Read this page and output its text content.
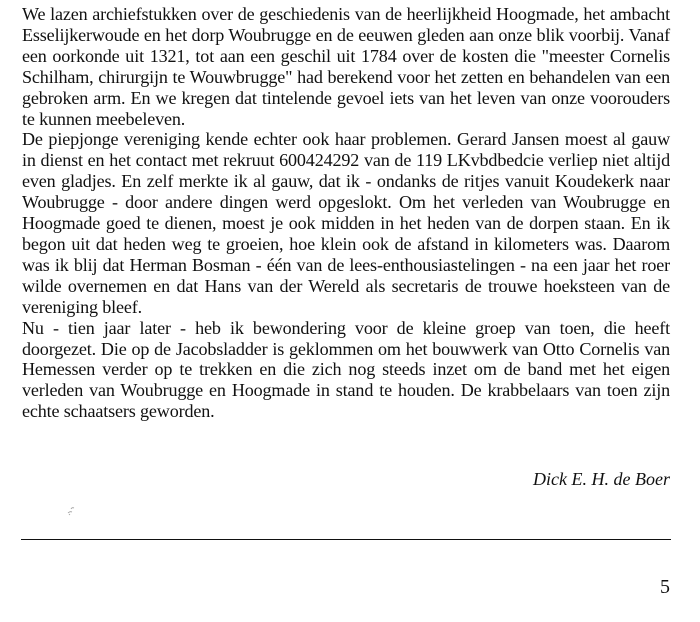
We lazen archiefstukken over de geschiedenis van de heerlijkheid Hoogmade, het ambacht Esselijkerwoude en het dorp Woubrugge en de eeuwen gleden aan onze blik voorbij. Vanaf een oorkonde uit 1321, tot aan een geschil uit 1784 over de kosten die "meester Cornelis Schilham, chirurgijn te Wouwbrugge" had berekend voor het zetten en behandelen van een gebroken arm. En we kregen dat tintelende gevoel iets van het leven van onze voorouders te kunnen meebeleven.

De piepjonge vereniging kende echter ook haar problemen. Gerard Jansen moest al gauw in dienst en het contact met rekruut 600424292 van de 119 LKvbdbedcie verliep niet altijd even gladjes. En zelf merkte ik al gauw, dat ik - ondanks de ritjes vanuit Koudekerk naar Woubrugge - door andere dingen werd opgeslokt. Om het verleden van Woubrugge en Hoogmade goed te dienen, moest je ook midden in het heden van de dorpen staan. En ik begon uit dat heden weg te groeien, hoe klein ook de afstand in kilometers was. Daarom was ik blij dat Herman Bosman - één van de lees-enthousiastelingen - na een jaar het roer wilde overnemen en dat Hans van der Wereld als secretaris de trouwe hoeksteen van de vereniging bleef.

Nu - tien jaar later - heb ik bewondering voor de kleine groep van toen, die heeft doorgezet. Die op de Jacobsladder is geklommen om het bouwwerk van Otto Cornelis van Hemessen verder op te trekken en die zich nog steeds inzet om de band met het eigen verleden van Woubrugge en Hoogmade in stand te houden. De krabbelaars van toen zijn echte schaatsers geworden.

Dick E. H. de Boer

5
